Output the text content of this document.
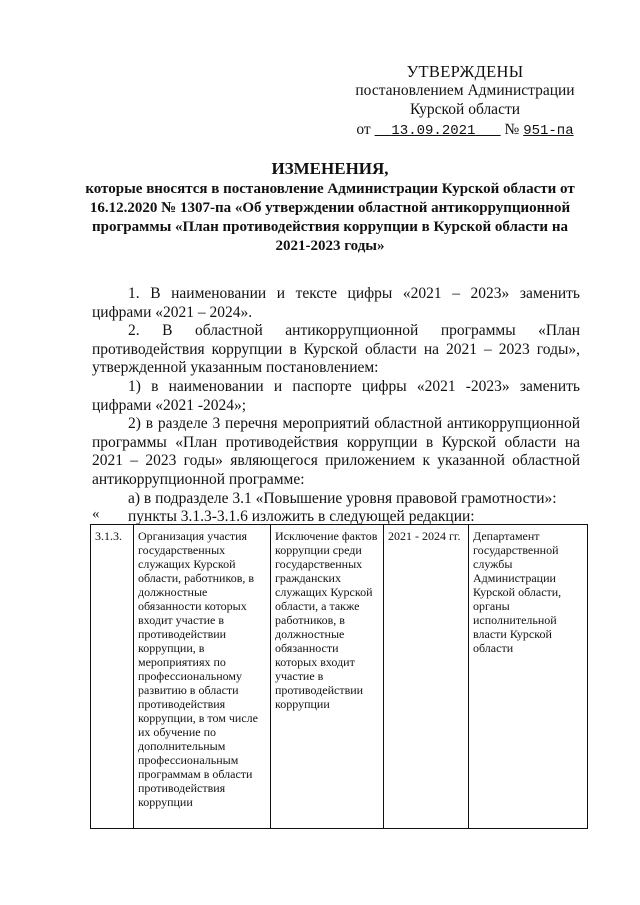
УТВЕРЖДЕНЫ
постановлением Администрации
Курской области
от 13.09.2021 № 951-па
ИЗМЕНЕНИЯ,
которые вносятся в постановление Администрации Курской области от 16.12.2020 № 1307-па «Об утверждении областной антикоррупционной программы «План противодействия коррупции в Курской области на 2021-2023 годы»

1. В наименовании и тексте цифры «2021 – 2023» заменить цифрами «2021 – 2024».

2. В областной антикоррупционной программы «План противодействия коррупции в Курской области на 2021 – 2023 годы», утвержденной указанным постановлением:

1) в наименовании и паспорте цифры «2021 -2023» заменить цифрами «2021 -2024»;

2) в разделе 3 перечня мероприятий областной антикоррупционной программы «План противодействия коррупции в Курской области на 2021 – 2023 годы» являющегося приложением к указанной областной антикоррупционной программе:

а) в подразделе 3.1 «Повышение уровня правовой грамотности»:

пункты 3.1.3-3.1.6 изложить в следующей редакции:

«
3.1.3.	Организация участия государственных служащих Курской области, работников, в должностные обязанности которых входит участие в противодействии коррупции, в мероприятиях по профессиональному развитию в области противодействия коррупции, в том числе их обучение по дополнительным профессиональным программам в области противодействия коррупции	Исключение фактов коррупции среди государственных гражданских служащих Курской области, а также работников, в должностные обязанности которых входит участие в противодействии коррупции	2021 - 2024 гг.	Департамент государственной службы Администрации Курской области, органы исполнительной власти Курской области
